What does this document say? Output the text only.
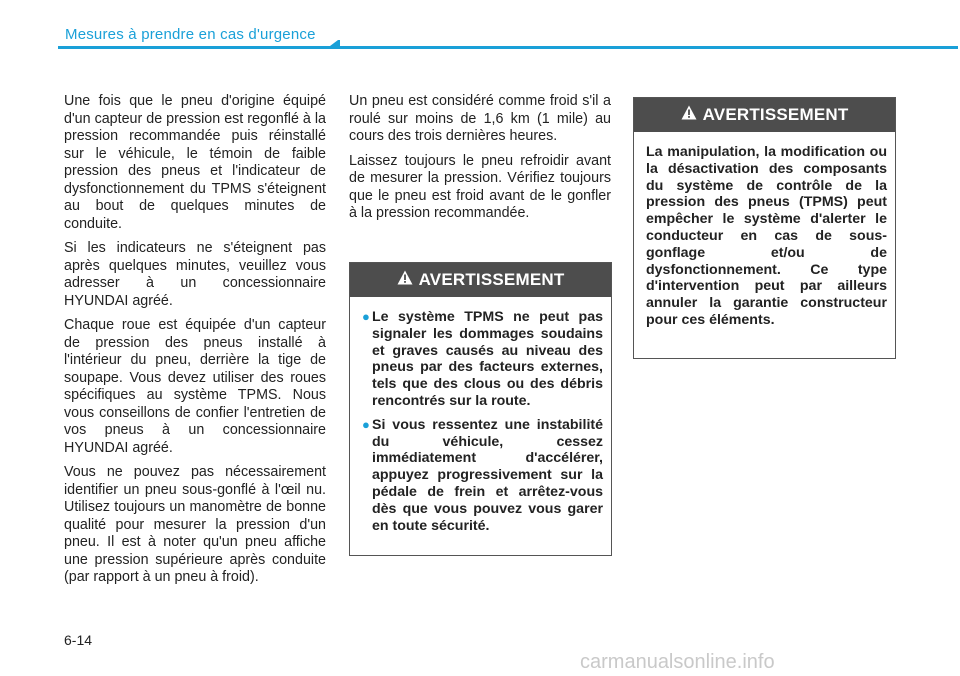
Mesures à prendre en cas d'urgence

Une fois que le pneu d'origine équipé d'un capteur de pression est regonflé à la pression recommandée puis réinstallé sur le véhicule, le témoin de faible pression des pneus et l'indicateur de dysfonctionnement du TPMS s'éteignent au bout de quelques minutes de conduite.

Si les indicateurs ne s'éteignent pas après quelques minutes, veuillez vous adresser à un concessionnaire HYUNDAI agréé.

Chaque roue est équipée d'un capteur de pression des pneus installé à l'intérieur du pneu, derrière la tige de soupape. Vous devez utiliser des roues spécifiques au système TPMS. Nous vous conseillons de confier l'entretien de vos pneus à un concessionnaire HYUNDAI agréé.

Vous ne pouvez pas nécessairement identifier un pneu sous-gonflé à l'œil nu. Utilisez toujours un manomètre de bonne qualité pour mesurer la pression d'un pneu. Il est à noter qu'un pneu affiche une pression supérieure après conduite (par rapport à un pneu à froid).

Un pneu est considéré comme froid s'il a roulé sur moins de 1,6 km (1 mile) au cours des trois dernières heures.

Laissez toujours le pneu refroidir avant de mesurer la pression. Vérifiez toujours que le pneu est froid avant de le gonfler à la pression recommandée.

AVERTISSEMENT
● Le système TPMS ne peut pas signaler les dommages soudains et graves causés au niveau des pneus par des facteurs externes, tels que des clous ou des débris rencontrés sur la route.
● Si vous ressentez une instabilité du véhicule, cessez immédiatement d'accélérer, appuyez progressivement sur la pédale de frein et arrêtez-vous dès que vous pouvez vous garer en toute sécurité.
AVERTISSEMENT
La manipulation, la modification ou la désactivation des composants du système de contrôle de la pression des pneus (TPMS) peut empêcher le système d'alerter le conducteur en cas de sous-gonflage et/ou de dysfonctionnement. Ce type d'intervention peut par ailleurs annuler la garantie constructeur pour ces éléments.
6-14
carmanualsonline.info
